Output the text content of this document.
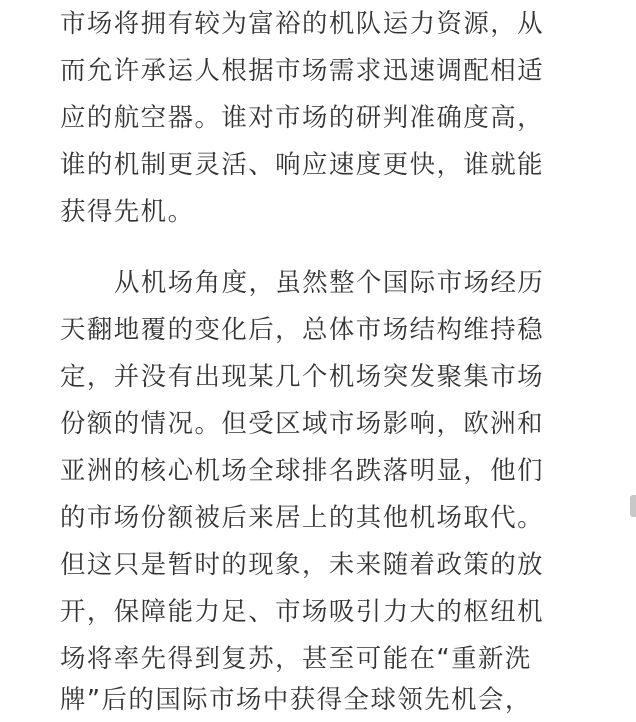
市场将拥有较为富裕的机队运力资源，从
而允许承运人根据市场需求迅速调配相适
应的航空器。谁对市场的研判准确度高，
谁的机制更灵活、响应速度更快，谁就能
获得先机。
从机场角度，虽然整个国际市场经历
天翻地覆的变化后，总体市场结构维持稳
定，并没有出现某几个机场突发聚集市场
份额的情况。但受区域市场影响，欧洲和
亚洲的核心机场全球排名跌落明显，他们
的市场份额被后来居上的其他机场取代。
但这只是暂时的现象，未来随着政策的放
开，保障能力足、市场吸引力大的枢纽机
场将率先得到复苏，甚至可能在“重新洗
牌”后的国际市场中获得全球领先机会，
